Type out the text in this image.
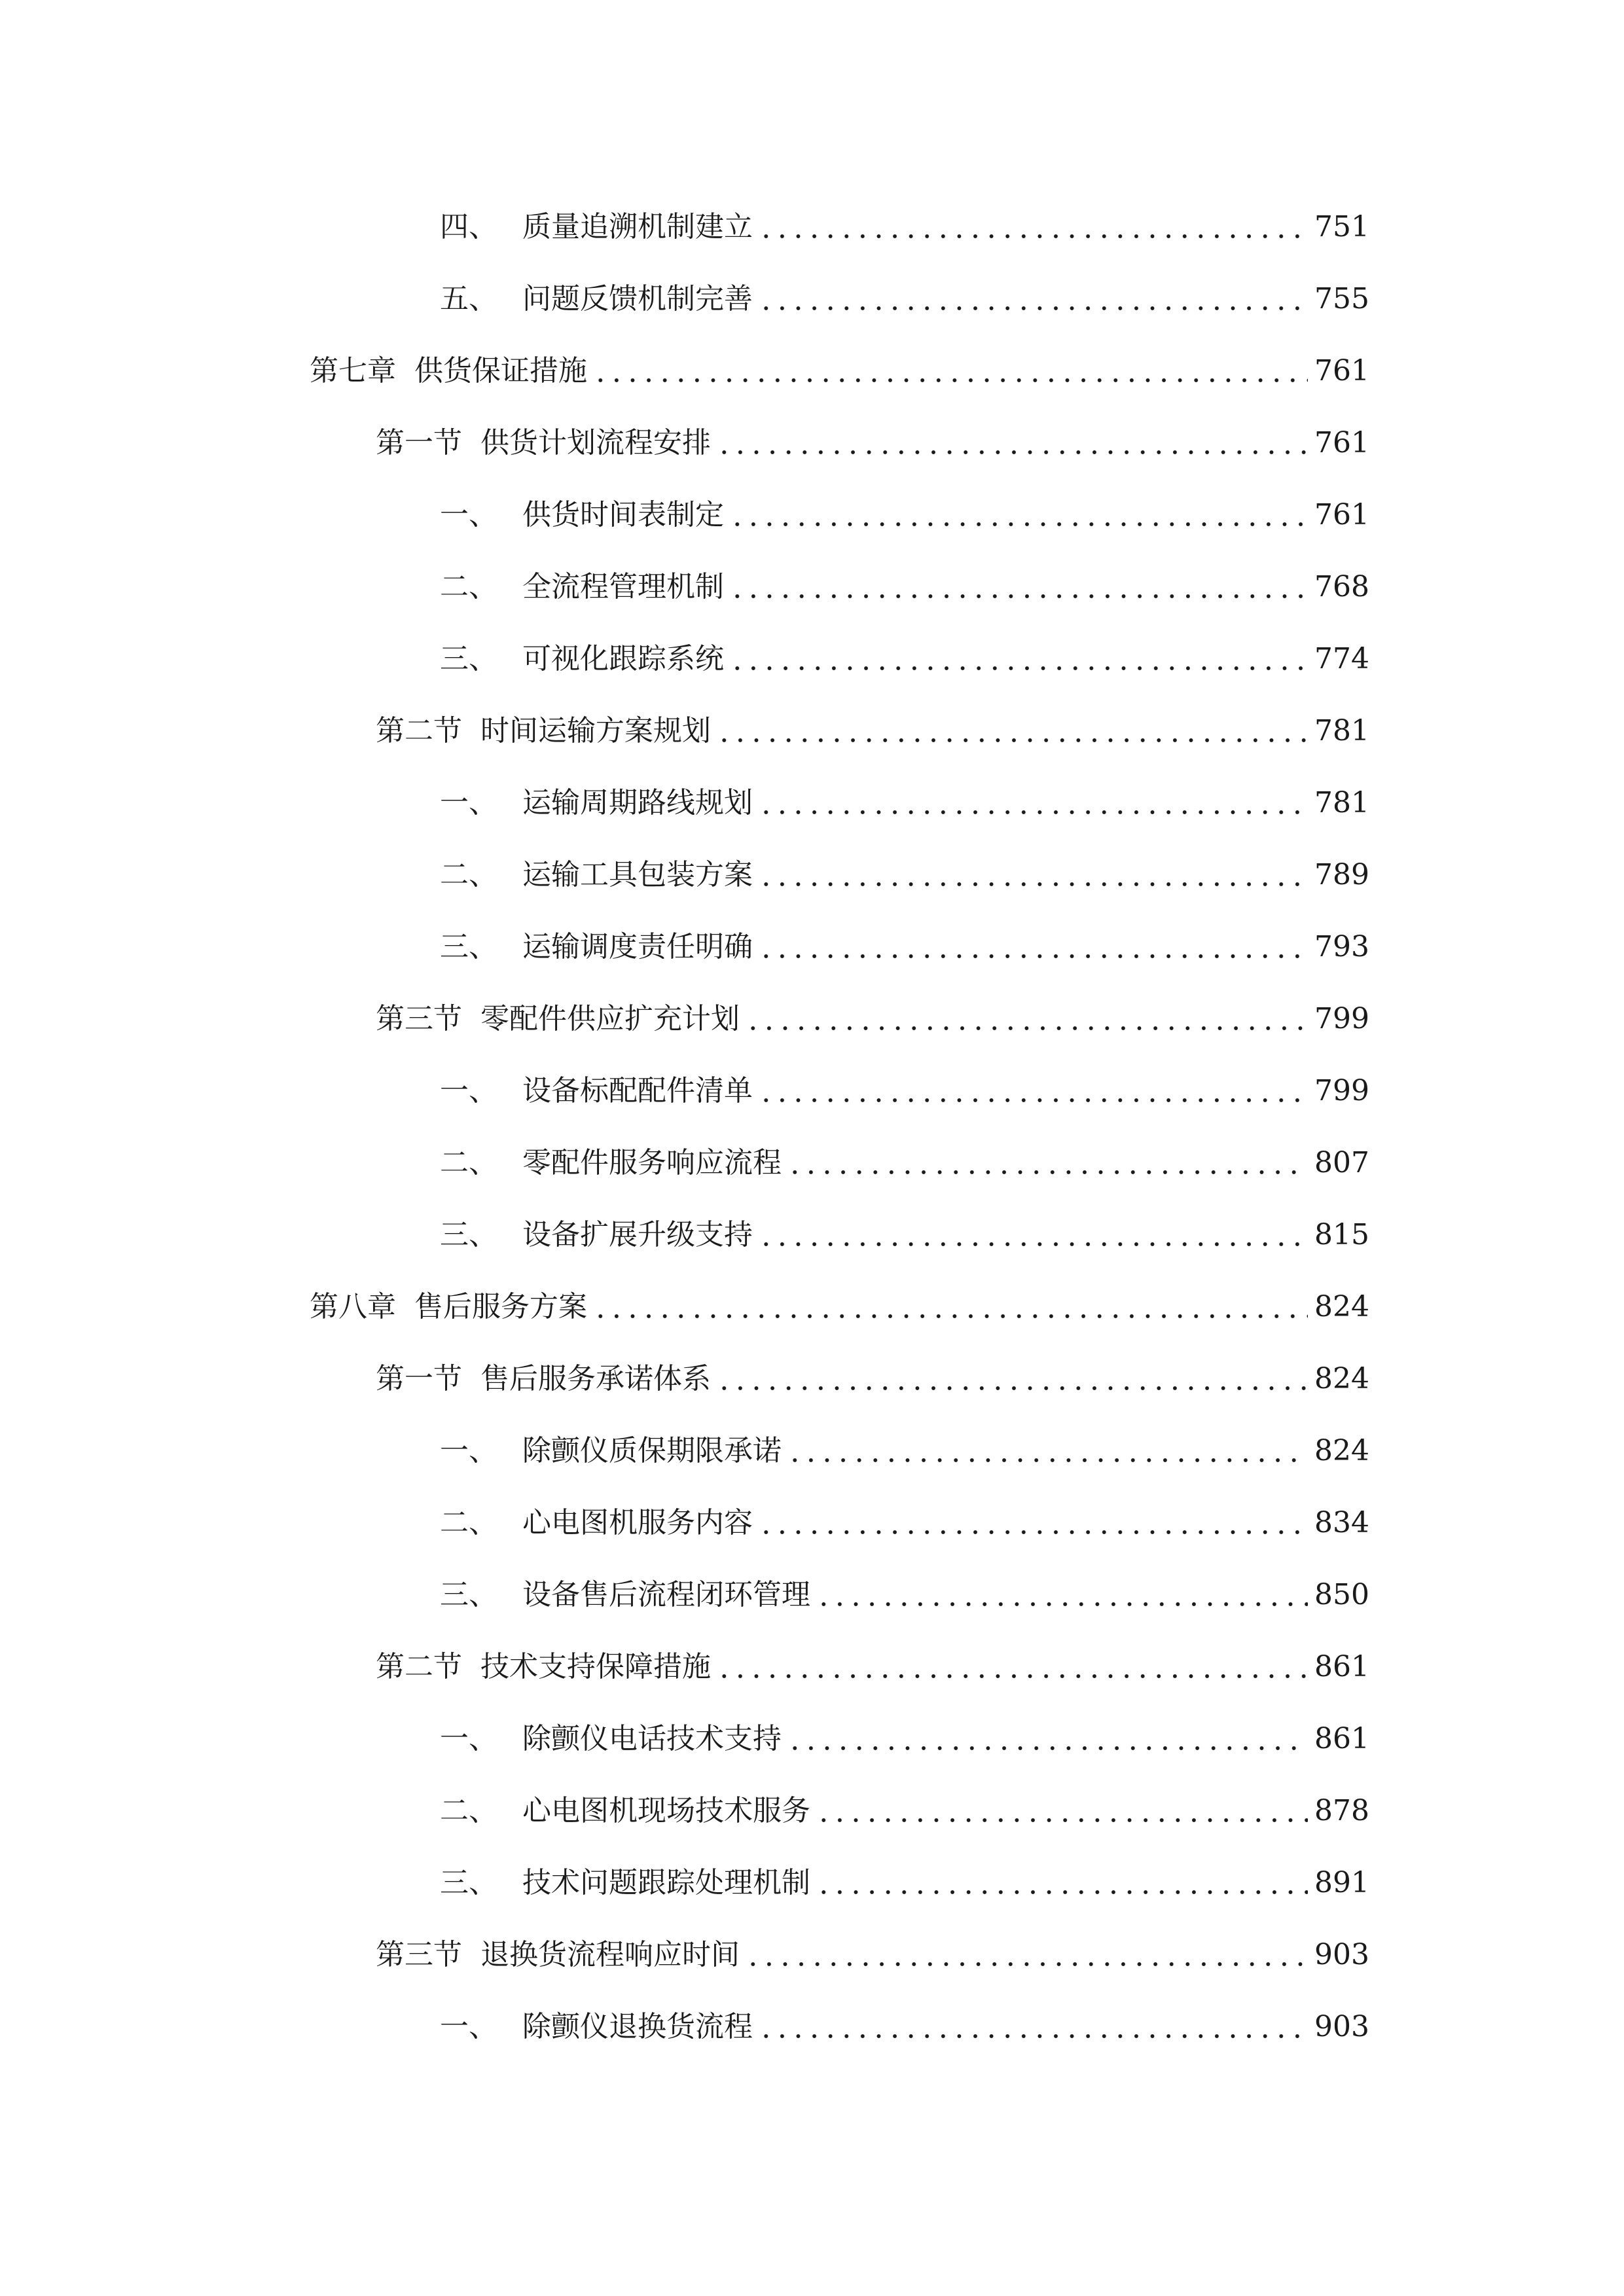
四、 质量追溯机制建立	751
五、 问题反馈机制完善	755
第七章 供货保证措施	761
第一节 供货计划流程安排	761
一、 供货时间表制定	761
二、 全流程管理机制	768
三、 可视化跟踪系统	774
第二节 时间运输方案规划	781
一、 运输周期路线规划	781
二、 运输工具包装方案	789
三、 运输调度责任明确	793
第三节 零配件供应扩充计划	799
一、 设备标配配件清单	799
二、 零配件服务响应流程	807
三、 设备扩展升级支持	815
第八章 售后服务方案	824
第一节 售后服务承诺体系	824
一、 除颤仪质保期限承诺	824
二、 心电图机服务内容	834
三、 设备售后流程闭环管理	850
第二节 技术支持保障措施	861
一、 除颤仪电话技术支持	861
二、 心电图机现场技术服务	878
三、 技术问题跟踪处理机制	891
第三节 退换货流程响应时间	903
一、 除颤仪退换货流程	903
